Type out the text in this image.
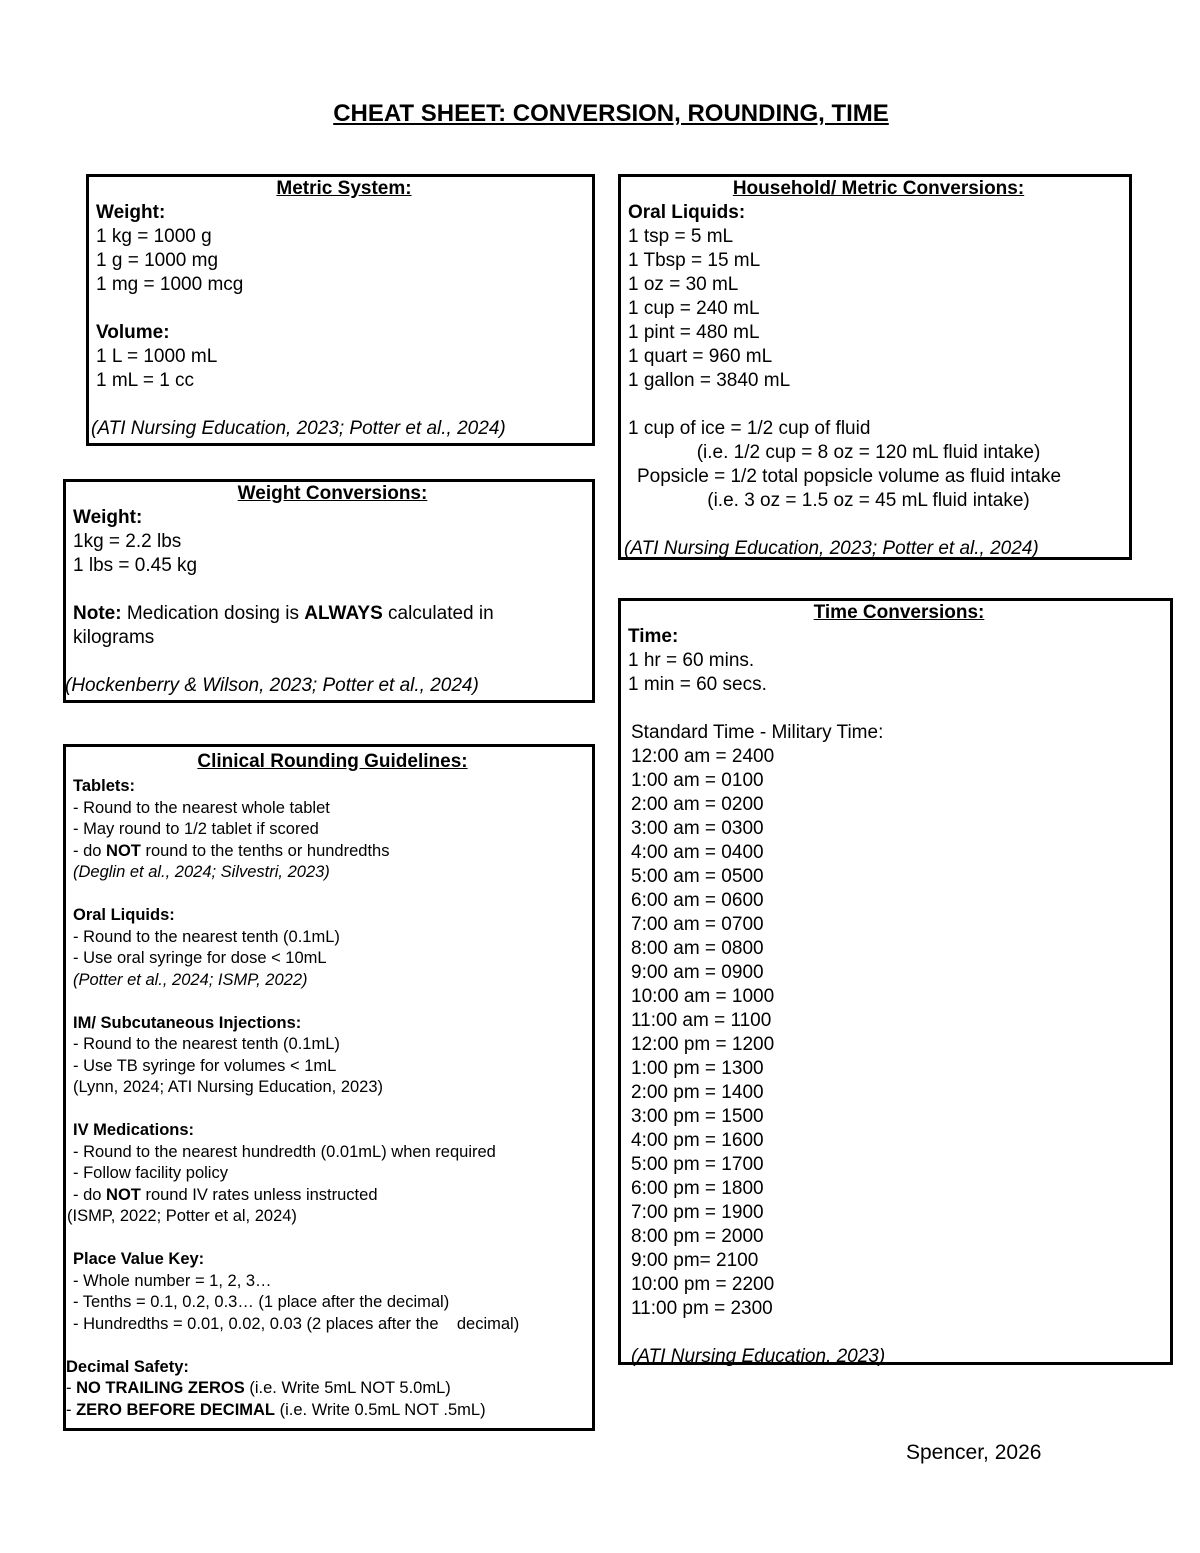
CHEAT SHEET: CONVERSION, ROUNDING, TIME
Metric System:
Weight:
1 kg = 1000 g
1 g = 1000 mg
1 mg = 1000 mcg
Volume:
1 L = 1000 mL
1 mL = 1 cc
(ATI Nursing Education, 2023; Potter et al., 2024)
Weight Conversions:
Weight:
1kg = 2.2 lbs
1 lbs = 0.45 kg
Note: Medication dosing is ALWAYS calculated in
kilograms
(Hockenberry & Wilson, 2023; Potter et al., 2024)
Clinical Rounding Guidelines:
Tablets:
- Round to the nearest whole tablet
- May round to 1/2 tablet if scored
- do NOT round to the tenths or hundredths
(Deglin et al., 2024; Silvestri, 2023)
Oral Liquids:
- Round to the nearest tenth (0.1mL)
- Use oral syringe for dose < 10mL
(Potter et al., 2024; ISMP, 2022)
IM/ Subcutaneous Injections:
- Round to the nearest tenth (0.1mL)
- Use TB syringe for volumes < 1mL
(Lynn, 2024; ATI Nursing Education, 2023)
IV Medications:
- Round to the nearest hundredth (0.01mL) when required
- Follow facility policy
- do NOT round IV rates unless instructed
(ISMP, 2022; Potter et al, 2024)
Place Value Key:
- Whole number = 1, 2, 3…
- Tenths = 0.1, 0.2, 0.3… (1 place after the decimal)
- Hundredths = 0.01, 0.02, 0.03 (2 places after the    decimal)
Decimal Safety:
- NO TRAILING ZEROS (i.e. Write 5mL NOT 5.0mL)
- ZERO BEFORE DECIMAL (i.e. Write 0.5mL NOT .5mL)
Household/ Metric Conversions:
Oral Liquids:
1 tsp = 5 mL
1 Tbsp = 15 mL
1 oz = 30 mL
1 cup = 240 mL
1 pint = 480 mL
1 quart = 960 mL
1 gallon = 3840 mL
1 cup of ice = 1/2 cup of fluid
(i.e. 1/2 cup = 8 oz = 120 mL fluid intake)
Popsicle = 1/2 total popsicle volume as fluid intake
(i.e. 3 oz = 1.5 oz = 45 mL fluid intake)
(ATI Nursing Education, 2023; Potter et al., 2024)
Time Conversions:
Time:
1 hr = 60 mins.
1 min = 60 secs.
Standard Time - Military Time:
12:00 am = 2400
1:00 am = 0100
2:00 am = 0200
3:00 am = 0300
4:00 am = 0400
5:00 am = 0500
6:00 am = 0600
7:00 am = 0700
8:00 am = 0800
9:00 am = 0900
10:00 am = 1000
11:00 am = 1100
12:00 pm = 1200
1:00 pm = 1300
2:00 pm = 1400
3:00 pm = 1500
4:00 pm = 1600
5:00 pm = 1700
6:00 pm = 1800
7:00 pm = 1900
8:00 pm = 2000
9:00 pm= 2100
10:00 pm = 2200
11:00 pm = 2300
(ATI Nursing Education, 2023)
Spencer, 2026
